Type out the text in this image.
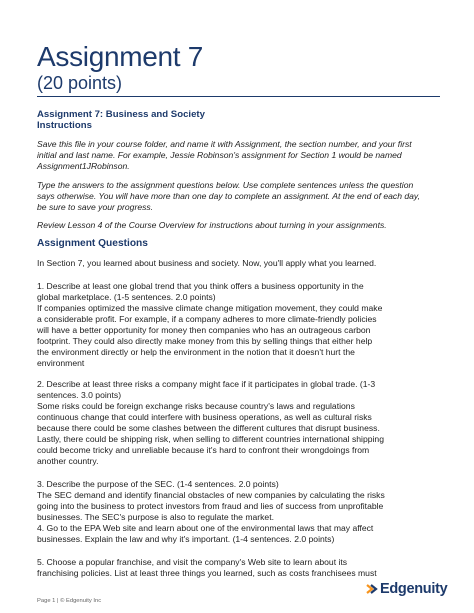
Assignment 7
(20 points)
Assignment 7: Business and Society
Instructions
Save this file in your course folder, and name it with Assignment, the section number, and your first
initial and last name. For example, Jessie Robinson's assignment for Section 1 would be named
Assignment1JRobinson.
Type the answers to the assignment questions below. Use complete sentences unless the question
says otherwise. You will have more than one day to complete an assignment. At the end of each day,
be sure to save your progress.
Review Lesson 4 of the Course Overview for instructions about turning in your assignments.
Assignment Questions
In Section 7, you learned about business and society. Now, you'll apply what you learned.
1. Describe at least one global trend that you think offers a business opportunity in the
global marketplace. (1-5 sentences. 2.0 points)
If companies optimized the massive climate change mitigation movement, they could make
a considerable profit. For example, if a company adheres to more climate-friendly policies
will have a better opportunity for money then companies who has an outrageous carbon
footprint. They could also directly make money from this by selling things that either help
the environment directly or help the environment in the notion that it doesn't hurt the
environment
2. Describe at least three risks a company might face if it participates in global trade. (1-3
sentences. 3.0 points)
Some risks could be foreign exchange risks because country's laws and regulations
continuous change that could interfere with business operations, as well as cultural risks
because there could be some clashes between the different cultures that disrupt business.
Lastly, there could be shipping risk, when selling to different countries international shipping
could become tricky and unreliable because it's hard to confront their wrongdoings from
another country.
3. Describe the purpose of the SEC. (1-4 sentences. 2.0 points)
The SEC demand and identify financial obstacles of new companies by calculating the risks
going into the business to protect investors from fraud and lies of success from unprofitable
businesses. The SEC's purpose is also to regulate the market.
4. Go to the EPA Web site and learn about one of the environmental laws that may affect
businesses. Explain the law and why it's important. (1-4 sentences. 2.0 points)
5. Choose a popular franchise, and visit the company's Web site to learn about its
franchising policies. List at least three things you learned, such as costs franchisees must
Page 1 | © Edgenuity Inc
Edgenuity
